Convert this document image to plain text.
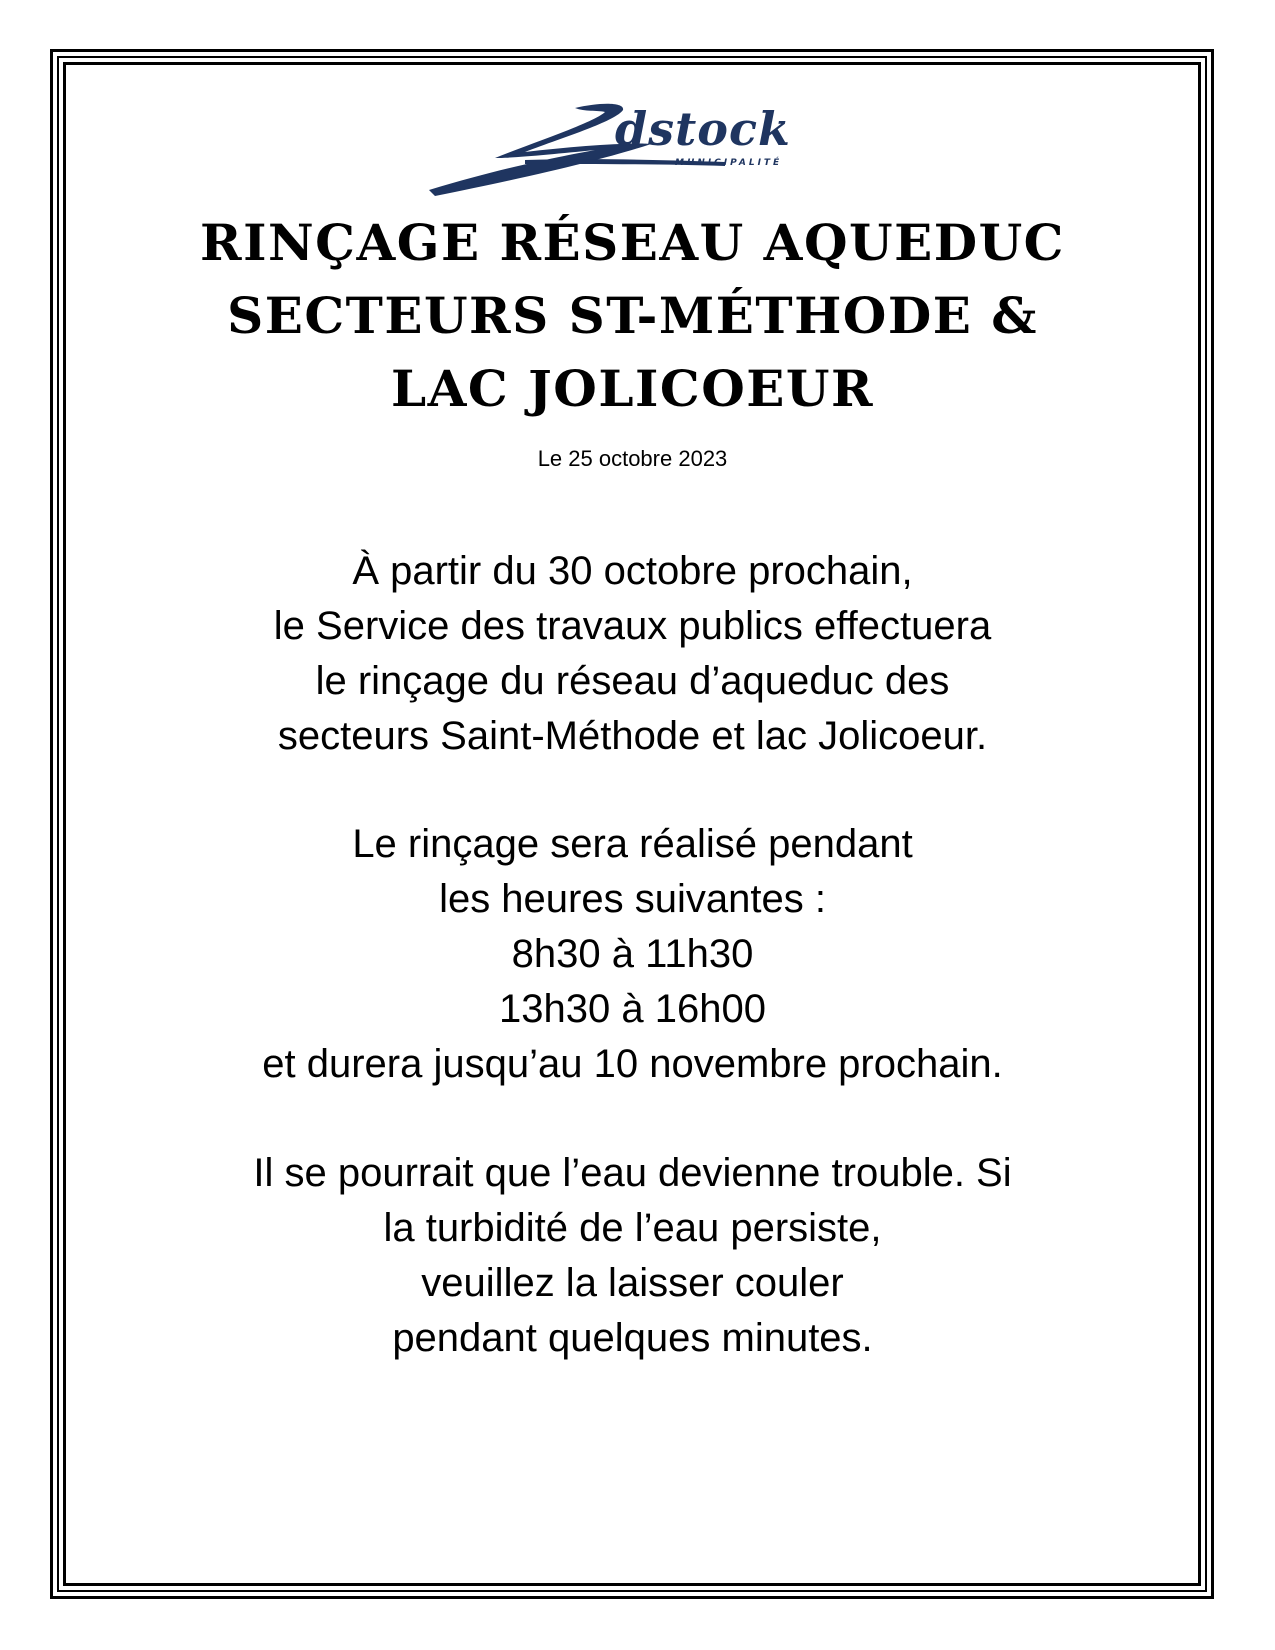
dstock
MUNICIPALITÉ
RINÇAGE RÉSEAU AQUEDUC
SECTEURS ST-MÉTHODE &
LAC JOLICOEUR
Le 25 octobre 2023
À partir du 30 octobre prochain,
le Service des travaux publics effectuera
le rinçage du réseau d’aqueduc des
secteurs Saint-Méthode et lac Jolicoeur.
Le rinçage sera réalisé pendant
les heures suivantes :
8h30 à 11h30
13h30 à 16h00
et durera jusqu’au 10 novembre prochain.
Il se pourrait que l’eau devienne trouble. Si
la turbidité de l’eau persiste,
veuillez la laisser couler
pendant quelques minutes.
